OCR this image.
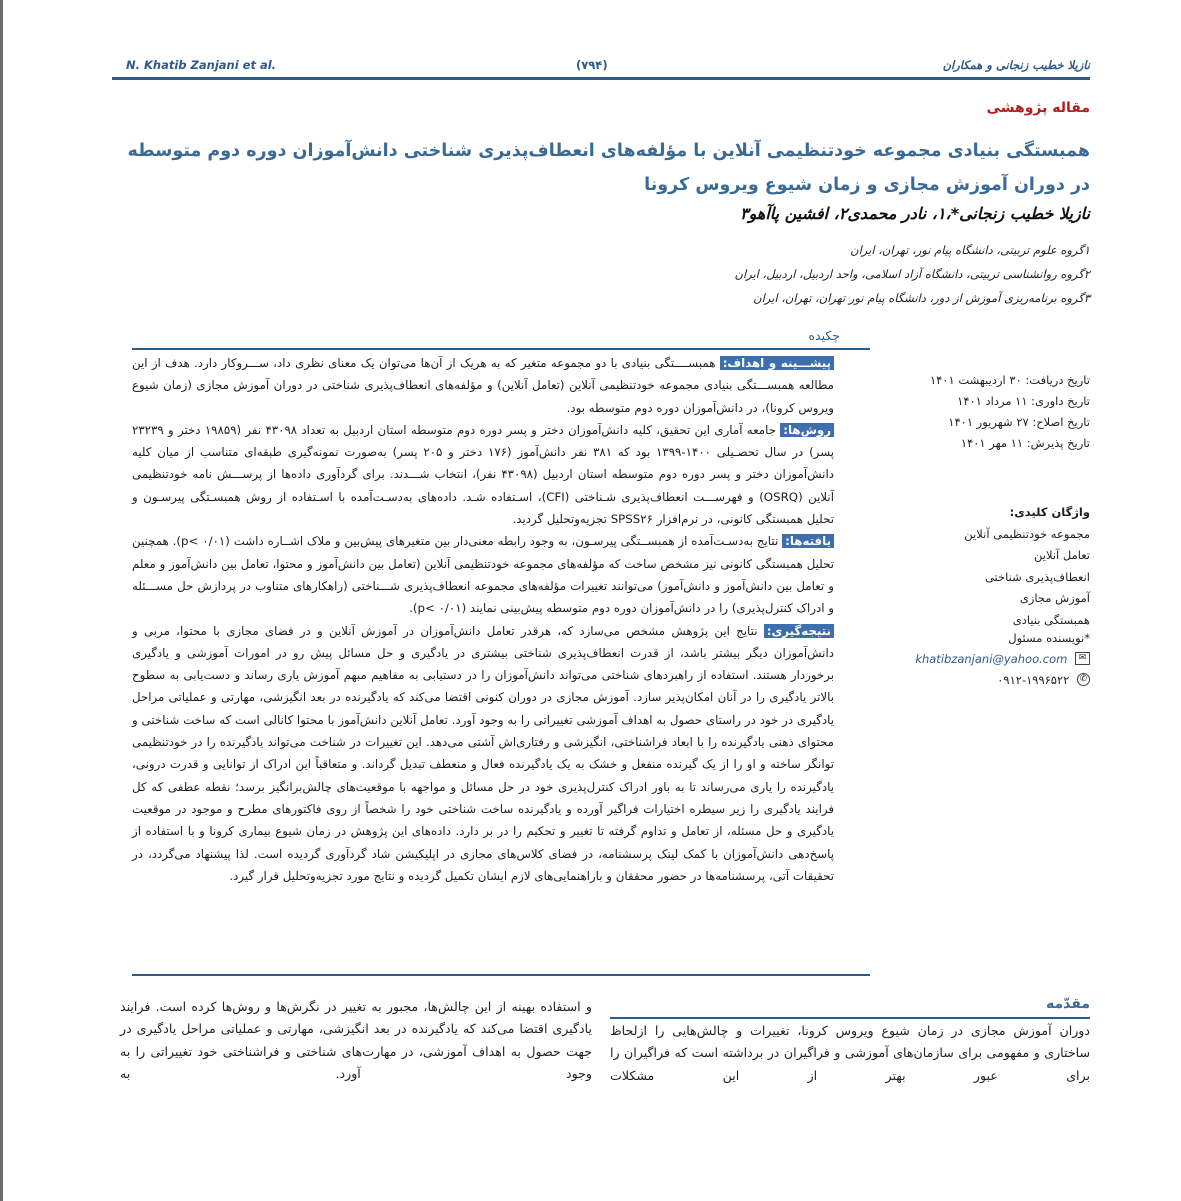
N. Khatib Zanjani et al.	(۷۹۴)	نازیلا خطیب زنجانی و همکاران
مقاله پژوهشی
همبستگی بنیادی مجموعه خودتنظیمی آنلاین با مؤلفه‌های انعطاف‌پذیری شناختی دانش‌آموزان دوره دوم متوسطه در دوران آموزش مجازی و زمان شیوع ویروس کرونا
نازیلا خطیب زنجانی*،۱، نادر محمدی۲، افشین پاآهو۳
۱گروه علوم تربیتی، دانشگاه پیام نور، تهران، ایران
۲گروه روانشناسی تربیتی، دانشگاه آزاد اسلامی، واحد اردبیل، اردبیل، ایران
۳گروه برنامه‌ریزی آموزش از دور، دانشگاه پیام نور تهران، تهران، ایران
چکیده

پیشـــینه و اهداف: همبســــتگی بنیادی با دو مجموعه متغیر که به هریک از آن‌ها می‌توان یک معنای نظری داد، ســـروکار دارد. هدف از این مطالعه همبســـتگی بنیادی مجموعه خودتنظیمی آنلاین (تعامل آنلاین) و مؤلفه‌های انعطاف‌پذیری شناختی در دوران آموزش مجازی (زمان شیوع ویروس کرونا)، در دانش‌آموزان دوره دوم متوسطه بود.

روش‌ها: جامعه آماری این تحقیق، کلیه دانش‌آموزان دختر و پسر دوره دوم متوسطه استان اردبیل به تعداد ۴۳۰۹۸ نفر (۱۹۸۵۹ دختر و ۲۳۲۳۹ پسر) در سال تحصـیلی ۱۴۰۰-۱۳۹۹ بود که ۳۸۱ نفر دانش‌آموز (۱۷۶ دختر و ۲۰۵ پسر) به‌صورت نمونه‌گیری طبقه‌ای متناسب از میان کلیه دانش‌آموزان دختر و پسر دوره دوم متوسطه استان اردبیل (۴۳۰۹۸ نفر)، انتخاب شـــدند. برای گردآوری داده‌ها از پرســـش نامه خودتنظیمی آنلاین (OSRQ) و فهرســـت انعطاف‌پذیری شـناختی (CFI)، اسـتفاده شـد. داده‌های به‌دسـت‌آمده با اسـتفاده از روش همبسـتگی پیرسـون و تحلیل همبستگی کانونی، در نرم‌افزار SPSS۲۶ تجزیه‌وتحلیل گردید.

یافته‌ها: نتایج به‌دسـت‌آمده از همبســتگی پیرسـون، به وجود رابطه معنی‌دار بین متغیرهای پیش‌بین و ملاک اشــاره داشت (p< ۰/۰۱). همچنین تحلیل همبستگی کانونی نیز مشخص ساخت که مؤلفه‌های مجموعه خودتنظیمی آنلاین (تعامل بین دانش‌آموز و محتوا، تعامل بین دانش‌آموز و معلم و تعامل بین دانش‌آموز و دانش‌آموز) می‌توانند تغییرات مؤلفه‌های مجموعه انعطاف‌پذیری شـــناختی (راهکارهای متناوب در پردازش حل مســـئله و ادراک کنترل‌پذیری) را در دانش‌آموزان دوره دوم متوسطه پیش‌بینی نمایند (p< ۰/۰۱).

نتیجه‌گیری: نتایج این پژوهش مشخص می‌سازد که، هرقدر تعامل دانش‌آموزان در آموزش آنلاین و در فضای مجازی با محتوا، مربی و دانش‌آموزان دیگر بیشتر باشد، از قدرت انعطاف‌پذیری شناختی بیشتری در یادگیری و حل مسائل پیش رو در امورات آموزشی و یادگیری برخوردار هستند. استفاده از راهبردهای شناختی می‌تواند دانش‌آموزان را در دستیابی به مفاهیم مبهم آموزش یاری رساند و دست‌یابی به سطوح بالاتر یادگیری را در آنان امکان‌پذیر سازد. آموزش مجازی در دوران کنونی اقتضا می‌کند که یادگیرنده در بعد انگیزشی، مهارتی و عملیاتی مراحل یادگیری در خود در راستای حصول به اهداف آموزشی تغییراتی را به وجود آورد. تعامل آنلاین دانش‌آموز با محتوا کانالی است که ساخت شناختی و محتوای ذهنی یادگیرنده را با ابعاد فراشناختی، انگیزشی و رفتاری‌اش آشتی می‌دهد. این تغییرات در شناخت می‌تواند یادگیرنده را در خودتنظیمی توانگر ساخته و او را از یک گیرنده منفعل و خشک به یک یادگیرنده فعال و منعطف تبدیل گرداند. و متعاقباً این ادراک از توانایی و قدرت درونی، یادگیرنده را یاری می‌رساند تا به باور ادراک کنترل‌پذیری خود در حل مسائل و مواجهه با موقعیت‌های چالش‌برانگیز برسد؛ نقطه عطفی که کل فرایند یادگیری را زیر سیطره اختیارات فراگیر آورده و یادگیرنده ساخت شناختی خود را شخصاً از روی فاکتورهای مطرح و موجود در موقعیت یادگیری و حل مسئله، از تعامل و تداوم گرفته تا تغییر و تحکیم را در بر دارد. داده‌های این پژوهش در زمان شیوع بیماری کرونا و با استفاده از پاسخ‌دهی دانش‌آموزان با کمک لینک پرسشنامه، در فضای کلاس‌های مجازی در اپلیکیشن شاد گردآوری گردیده است. لذا پیشنهاد می‌گردد، در تحقیقات آتی، پرسشنامه‌ها در حضور محققان و باراهنمایی‌های لازم ایشان تکمیل گردیده و نتایج مورد تجزیه‌وتحلیل قرار گیرد.

تاریخ دریافت: ۳۰ اردیبهشت ۱۴۰۱
تاریخ داوری: ۱۱ مرداد ۱۴۰۱
تاریخ اصلاح: ۲۷ شهریور ۱۴۰۱
تاریخ پذیرش: ۱۱ مهر ۱۴۰۱
واژگان کلیدی:
مجموعه خودتنظیمی آنلاین
تعامل آنلاین
انعطاف‌پذیری شناختی
آموزش مجازی
همبستگی بنیادی
*نویسنده مسئول
✉ khatibzanjani@yahoo.com
✆ ۰۹۱۲-۱۹۹۶۵۲۲
مقدّمه

دوران آموزش مجازی در زمان شیوع ویروس کرونا، تغییرات و چالش‌هایی را ازلحاظ ساختاری و مفهومی برای سازمان‌های آموزشی و فراگیران در برداشته است که فراگیران را برای عبور بهتر از این مشکلات

و استفاده بهینه از این چالش‌ها، مجبور به تغییر در نگرش‌ها و روش‌ها کرده است. فرایند یادگیری اقتضا می‌کند که یادگیرنده در بعد انگیزشی، مهارتی و عملیاتی مراحل یادگیری در جهت حصول به اهداف آموزشی، در مهارت‌های شناختی و فراشناختی خود تغییراتی را به وجود آورد. به
